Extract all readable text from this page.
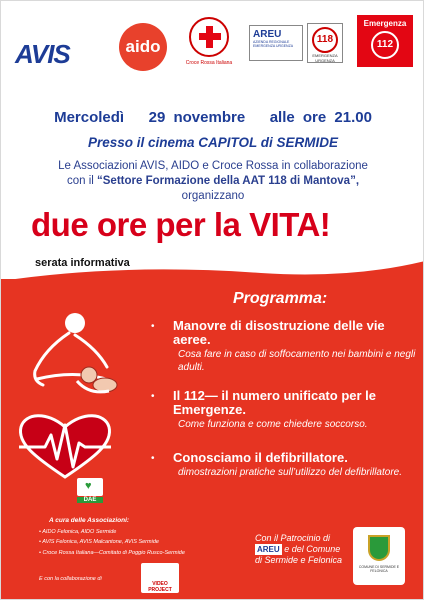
AVIS	aido
Croce Rossa Italiana
AREU
AZIENDA REGIONALE EMERGENZA URGENZA
118
EMERGENZA URGENZA
Emergenza
112
Mercoledì 29 novembre alle ore 21.00
Presso il cinema CAPITOL di SERMIDE
Le Associazioni AVIS, AIDO e Croce Rossa in collaborazione
con il “Settore Formazione della AAT 118 di Mantova”,
organizzano
due ore per la VITA!
serata informativa
Programma:
♥
DAE
• Manovre di disostruzione delle vie aeree.
Cosa fare in caso di soffocamento nei bambini e negli adulti.
• Il 112— il numero unificato per le Emergenze.
Come funziona e come chiedere soccorso.
• Conosciamo il defibrillatore.
dimostrazioni pratiche sull’utilizzo del defibrillatore.
A cura delle Associazioni:
• AIDO Felonica, AIDO Sermide
• AVIS Felonica, AVIS Malcantone, AVIS Sermide
• Croce Rossa Italiana—Comitato di Poggio Rusco-Sermide
E con la collaborazione di
VIDEO PROJECT
Con il Patrocinio di
AREU e del Comune
di Sermide e Felonica
COMUNE DI SERMIDE E FELONICA
